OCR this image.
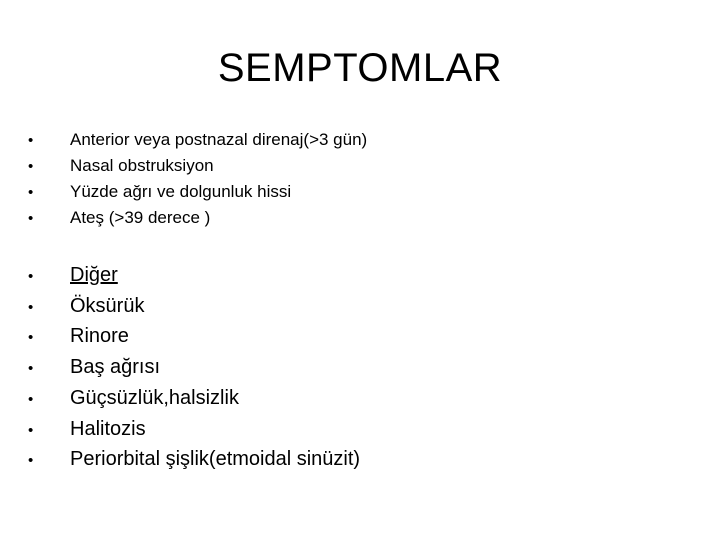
SEMPTOMLAR
•	Anterior veya postnazal direnaj(>3 gün)
•	Nasal obstruksiyon
•	Yüzde ağrı ve dolgunluk hissi
•	Ateş (>39 derece )
•	Diğer
•	Öksürük
•	Rinore
•	Baş ağrısı
•	Güçsüzlük,halsizlik
•	Halitozis
•	Periorbital şişlik(etmoidal sinüzit)
